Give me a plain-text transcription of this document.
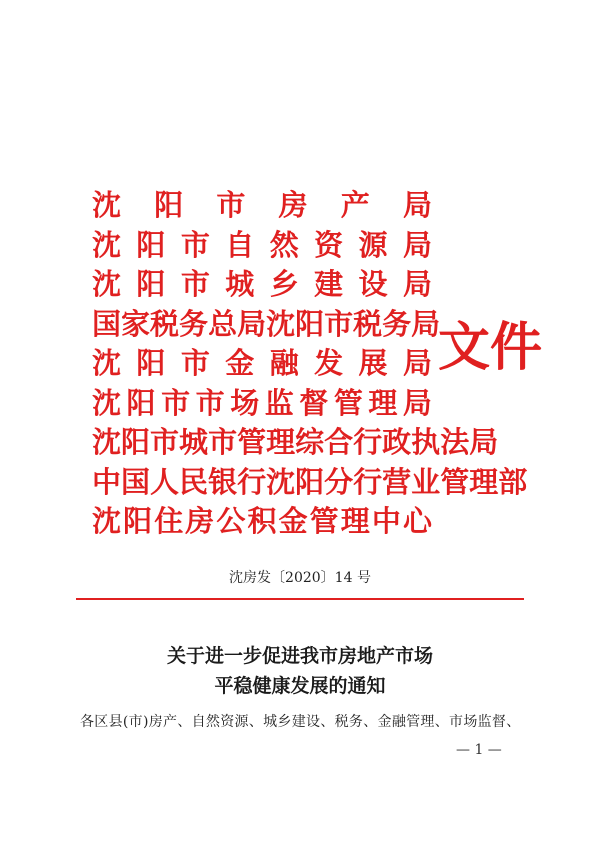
沈 阳 市 房 产 局
沈 阳 市 自 然 资 源 局
沈 阳 市 城 乡 建 设 局
国 家 税 务 总 局 沈 阳 市 税 务 局
沈 阳 市 金 融 发 展 局
沈 阳 市 市 场 监 督 管 理 局
沈 阳 市 城 市 管 理 综 合 行 政 执 法 局
中 国 人 民 银 行 沈 阳 分 行 营 业 管 理 部
沈 阳 住 房 公 积 金 管 理 中 心
文件
沈房发〔2020〕14 号
关于进一步促进我市房地产市场
平稳健康发展的通知
各区县(市)房产、自然资源、城乡建设、税务、金融管理、市场监督、
— 1 —
